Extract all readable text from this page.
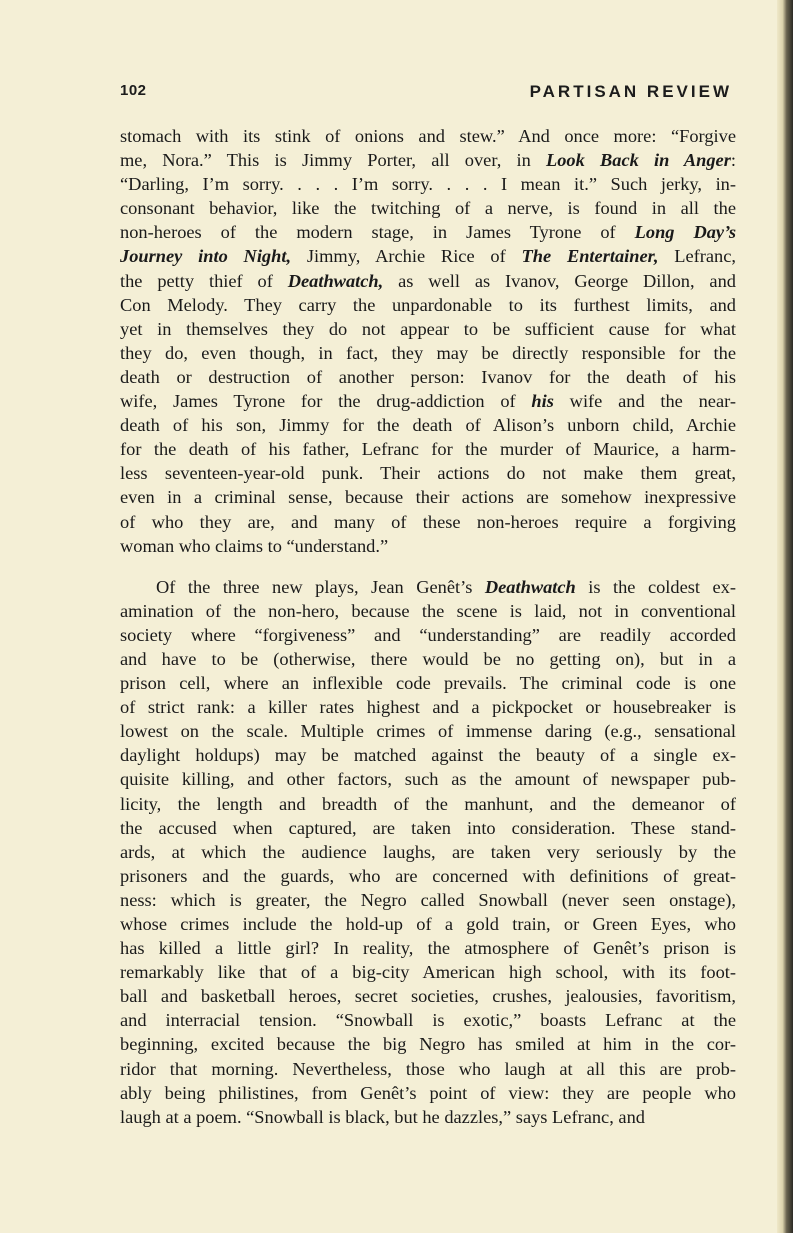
102	PARTISAN REVIEW
stomach with its stink of onions and stew.” And once more: “Forgive
me, Nora.” This is Jimmy Porter, all over, in Look Back in Anger:
“Darling, I’m sorry. . . . I’m sorry. . . . I mean it.” Such jerky, in-
consonant behavior, like the twitching of a nerve, is found in all the
non-heroes of the modern stage, in James Tyrone of Long Day’s
Journey into Night, Jimmy, Archie Rice of The Entertainer, Lefranc,
the petty thief of Deathwatch, as well as Ivanov, George Dillon, and
Con Melody. They carry the unpardonable to its furthest limits, and
yet in themselves they do not appear to be sufficient cause for what
they do, even though, in fact, they may be directly responsible for the
death or destruction of another person: Ivanov for the death of his
wife, James Tyrone for the drug-addiction of his wife and the near-
death of his son, Jimmy for the death of Alison’s unborn child, Archie
for the death of his father, Lefranc for the murder of Maurice, a harm-
less seventeen-year-old punk. Their actions do not make them great,
even in a criminal sense, because their actions are somehow inexpressive
of who they are, and many of these non-heroes require a forgiving
woman who claims to “understand.”
Of the three new plays, Jean Genêt’s Deathwatch is the coldest ex-
amination of the non-hero, because the scene is laid, not in conventional
society where “forgiveness” and “understanding” are readily accorded
and have to be (otherwise, there would be no getting on), but in a
prison cell, where an inflexible code prevails. The criminal code is one
of strict rank: a killer rates highest and a pickpocket or housebreaker is
lowest on the scale. Multiple crimes of immense daring (e.g., sensational
daylight holdups) may be matched against the beauty of a single ex-
quisite killing, and other factors, such as the amount of newspaper pub-
licity, the length and breadth of the manhunt, and the demeanor of
the accused when captured, are taken into consideration. These stand-
ards, at which the audience laughs, are taken very seriously by the
prisoners and the guards, who are concerned with definitions of great-
ness: which is greater, the Negro called Snowball (never seen onstage),
whose crimes include the hold-up of a gold train, or Green Eyes, who
has killed a little girl? In reality, the atmosphere of Genêt’s prison is
remarkably like that of a big-city American high school, with its foot-
ball and basketball heroes, secret societies, crushes, jealousies, favoritism,
and interracial tension. “Snowball is exotic,” boasts Lefranc at the
beginning, excited because the big Negro has smiled at him in the cor-
ridor that morning. Nevertheless, those who laugh at all this are prob-
ably being philistines, from Genêt’s point of view: they are people who
laugh at a poem. “Snowball is black, but he dazzles,” says Lefranc, and
